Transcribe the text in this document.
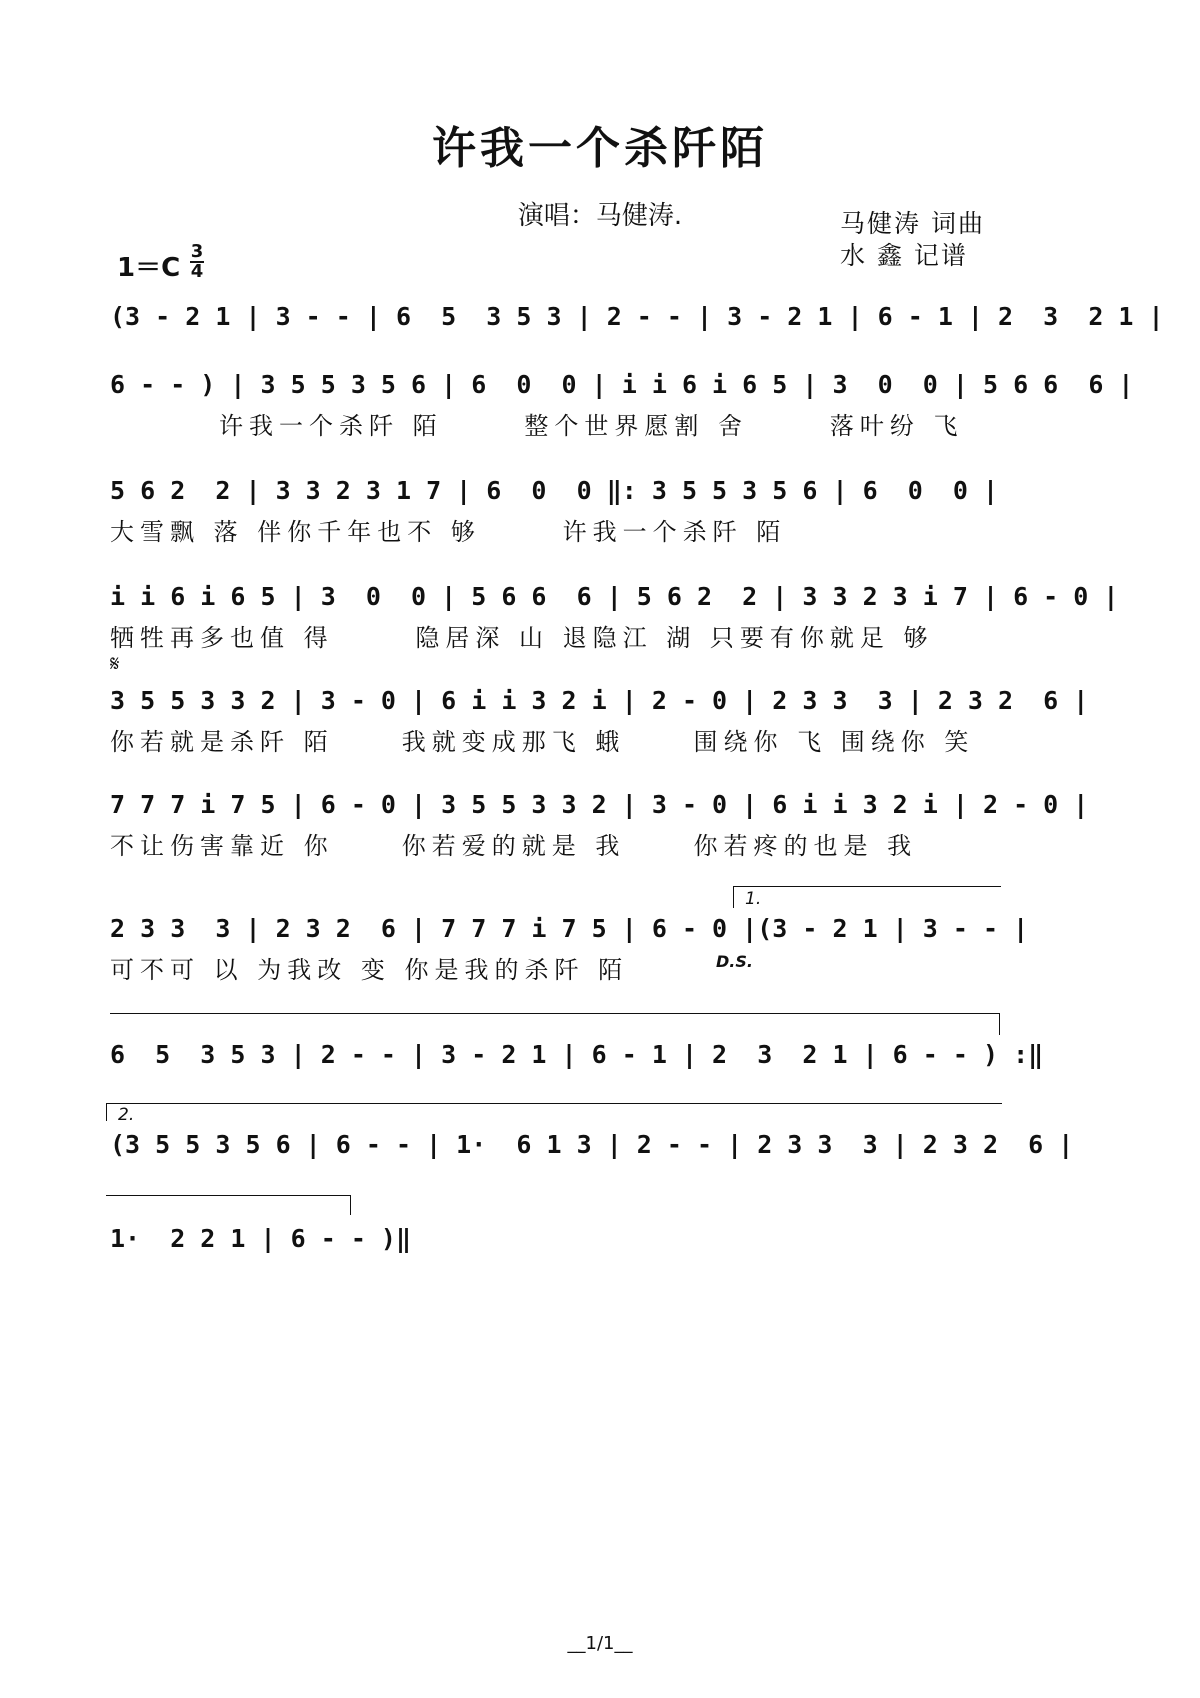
许我一个杀阡陌
演唱：马健涛.	马健涛 词曲
水 鑫 记谱
1＝C
3
4
(3 - 2 1 | 3 - - | 6  5  3 5 3 | 2 - - | 3 - 2 1 | 6 - 1 | 2  3  2 1 |
6 - - ) | 3 5 5 3 5 6 | 6  0  0 | i i 6 i 6 5 | 3  0  0 | 5 6 6  6 |
许我一个杀阡 陌      整个世界愿割 舍      落叶纷 飞
5 6 2  2 | 3 3 2 3 1 7 | 6  0  0 ‖: 3 5 5 3 5 6 | 6  0  0 |
大雪飘 落 伴你千年也不 够      许我一个杀阡 陌
i i 6 i 6 5 | 3  0  0 | 5 6 6  6 | 5 6 2  2 | 3 3 2 3 i 7 | 6 - 0 |
牺牲再多也值 得      隐居深 山 退隐江 湖 只要有你就足 够
𝄋
3 5 5 3 3 2 | 3 - 0 | 6 i i 3 2 i | 2 - 0 | 2 3 3  3 | 2 3 2  6 |
你若就是杀阡 陌     我就变成那飞 蛾     围绕你 飞 围绕你 笑
7 7 7 i 7 5 | 6 - 0 | 3 5 5 3 3 2 | 3 - 0 | 6 i i 3 2 i | 2 - 0 |
不让伤害靠近 你     你若爱的就是 我     你若疼的也是 我
1.
2 3 3  3 | 2 3 2  6 | 7 7 7 i 7 5 | 6 - 0 |(3 - 2 1 | 3 - - |
可不可 以 为我改 变 你是我的杀阡 陌	D.S.
6  5  3 5 3 | 2 - - | 3 - 2 1 | 6 - 1 | 2  3  2 1 | 6 - - ) :‖
2.
(3 5 5 3 5 6 | 6 - - | 1·  6 1 3 | 2 - - | 2 3 3  3 | 2 3 2  6 |
1·  2 2 1 | 6 - - )‖
__1/1__
